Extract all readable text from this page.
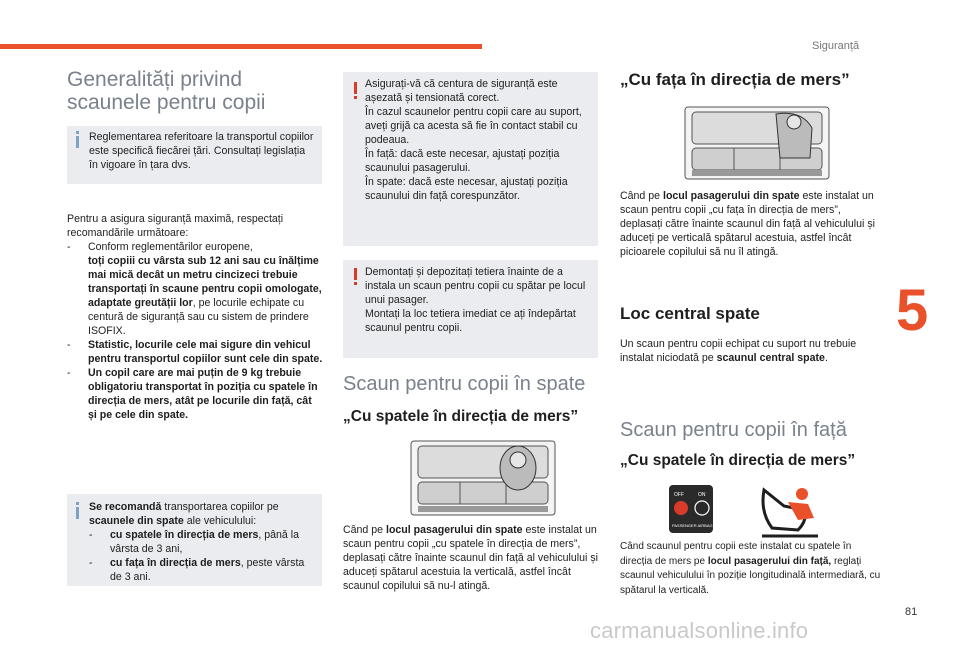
Siguranță
5
81
carmanualsonline.info
Generalități privind
scaunele pentru copii
Reglementarea referitoare la transportul copiilor este specifică fiecărei țări. Consultați legislația în vigoare în țara dvs.

Pentru a asigura siguranță maximă, respectați recomandările următoare:

- Conform reglementărilor europene,
toți copiii cu vârsta sub 12 ani sau cu înălțime mai mică decât un metru cincizeci trebuie transportați în scaune pentru copii omologate, adaptate greutății lor, pe locurile echipate cu centură de siguranță sau cu sistem de prindere ISOFIX.

- Statistic, locurile cele mai sigure din vehicul pentru transportul copiilor sunt cele din spate.

- Un copil care are mai puțin de 9 kg trebuie obligatoriu transportat în poziția cu spatele în direcția de mers, atât pe locurile din față, cât și pe cele din spate.

Se recomandă transportarea copiilor pe scaunele din spate ale vehiculului:

- cu spatele în direcția de mers, până la vârsta de 3 ani,

- cu fața în direcția de mers, peste vârsta de 3 ani.

Asigurați-vă că centura de siguranță este așezată și tensionată corect.

În cazul scaunelor pentru copii care au suport, aveți grijă ca acesta să fie în contact stabil cu podeaua.

În față: dacă este necesar, ajustați poziția scaunului pasagerului.

În spate: dacă este necesar, ajustați poziția scaunului din față corespunzător.

Demontați și depozitați tetiera înainte de a instala un scaun pentru copii cu spătar pe locul unui pasager.

Montați la loc tetiera imediat ce ați îndepărtat scaunul pentru copii.

Scaun pentru copii în spate
„Cu spatele în direcția de mers”

Când pe locul pasagerului din spate este instalat un scaun pentru copii „cu spatele în direcția de mers”, deplasați către înainte scaunul din față al vehiculului și aduceți spătarul acestuia la verticală, astfel încât scaunul copilului să nu-l atingă.

„Cu fața în direcția de mers”

Când pe locul pasagerului din spate este instalat un scaun pentru copii „cu fața în direcția de mers”, deplasați către înainte scaunul din față al vehiculului și aduceți pe verticală spătarul acestuia, astfel încât picioarele copilului să nu îl atingă.

Loc central spate

Un scaun pentru copii echipat cu suport nu trebuie instalat niciodată pe scaunul central spate.

Scaun pentru copii în față
„Cu spatele în direcția de mers”
OFF	ON
PASSENGER AIRBAG

Când scaunul pentru copii este instalat cu spatele în direcția de mers pe locul pasagerului din față, reglați scaunul vehiculului în poziție longitudinală intermediară, cu spătarul la verticală.
